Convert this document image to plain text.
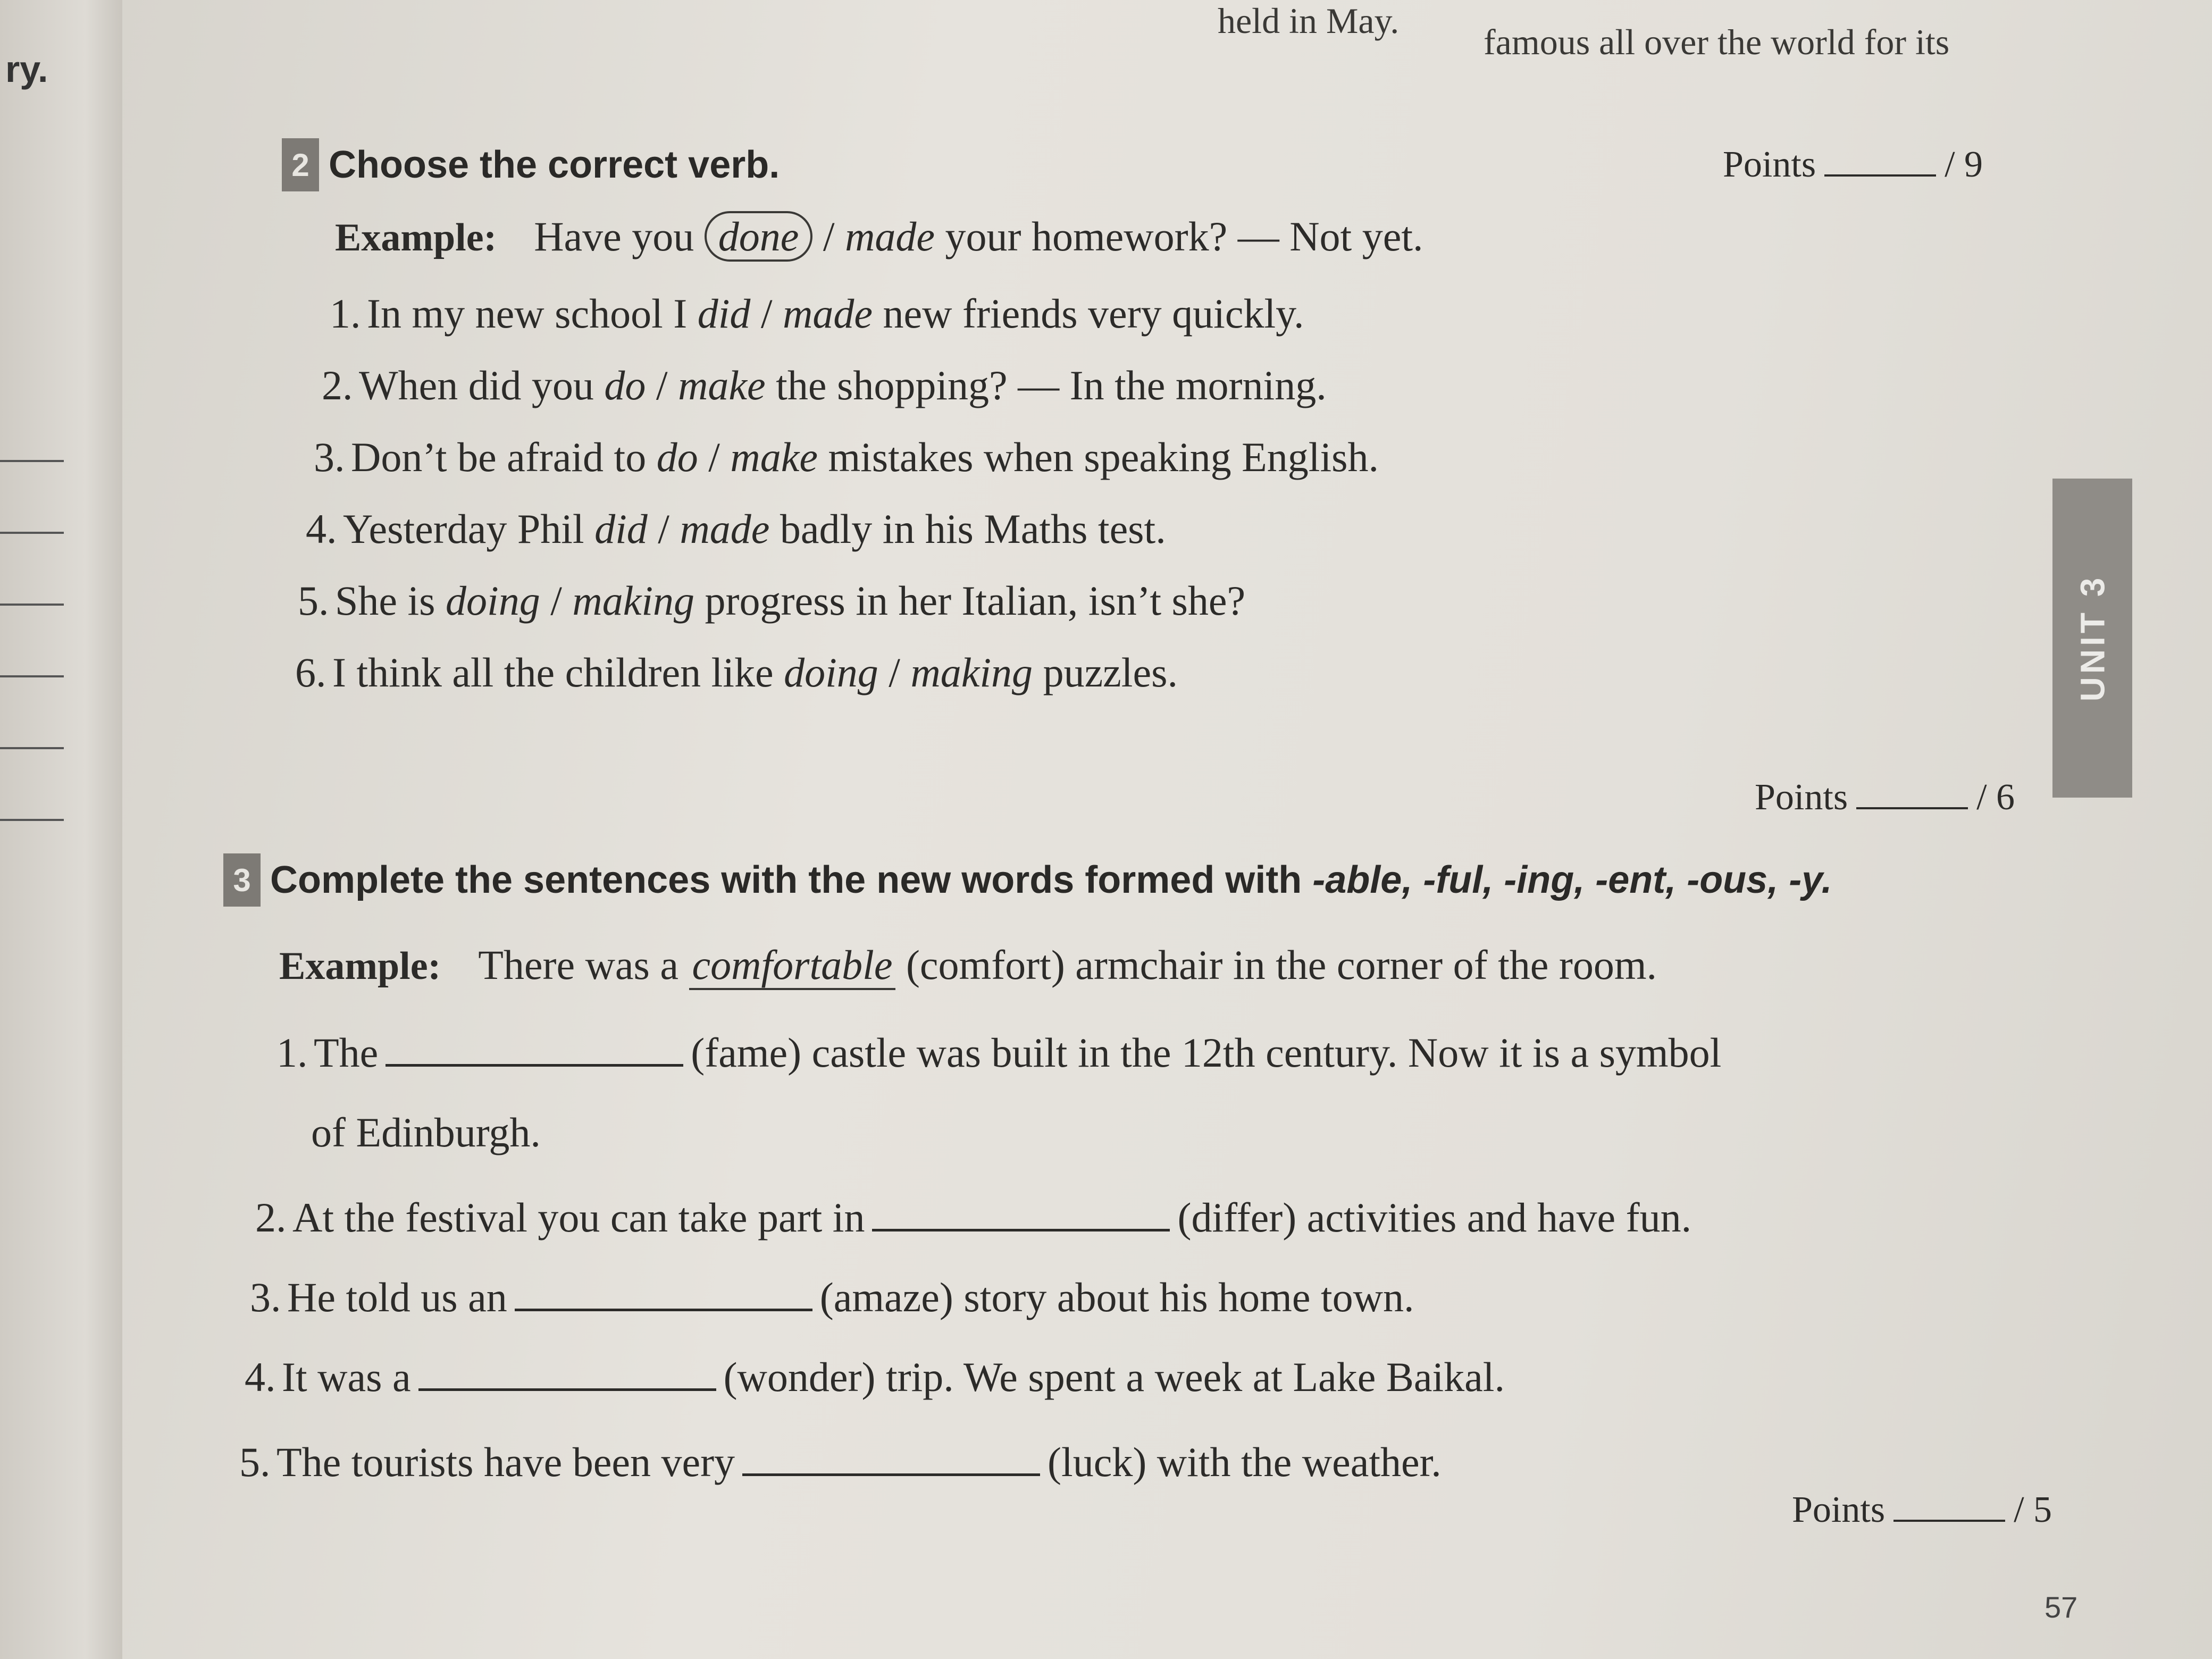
ry.
held in May.
famous all over the world for its
2 Choose the correct verb.	Points	/ 9
Example: Have you done / made your homework? — Not yet.
1. In my new school I did / made new friends very quickly.
2. When did you do / make the shopping? — In the morning.
3. Don’t be afraid to do / make mistakes when speaking English.
4. Yesterday Phil did / made badly in his Maths test.
5. She is doing / making progress in her Italian, isn’t she?
6. I think all the children like doing / making puzzles.
Points	/ 6
3 Complete the sentences with the new words formed with -able, -ful, -ing, -ent, -ous, -y.
Example: There was a comfortable (comfort) armchair in the corner of the room.
1. The	(fame) castle was built in the 12th century. Now it is a symbol
of Edinburgh.
2. At the festival you can take part in	(differ) activities and have fun.
3. He told us an	(amaze) story about his home town.
4. It was a	(wonder) trip. We spent a week at Lake Baikal.
5. The tourists have been very	(luck) with the weather.
Points	/ 5
UNIT 3
57
